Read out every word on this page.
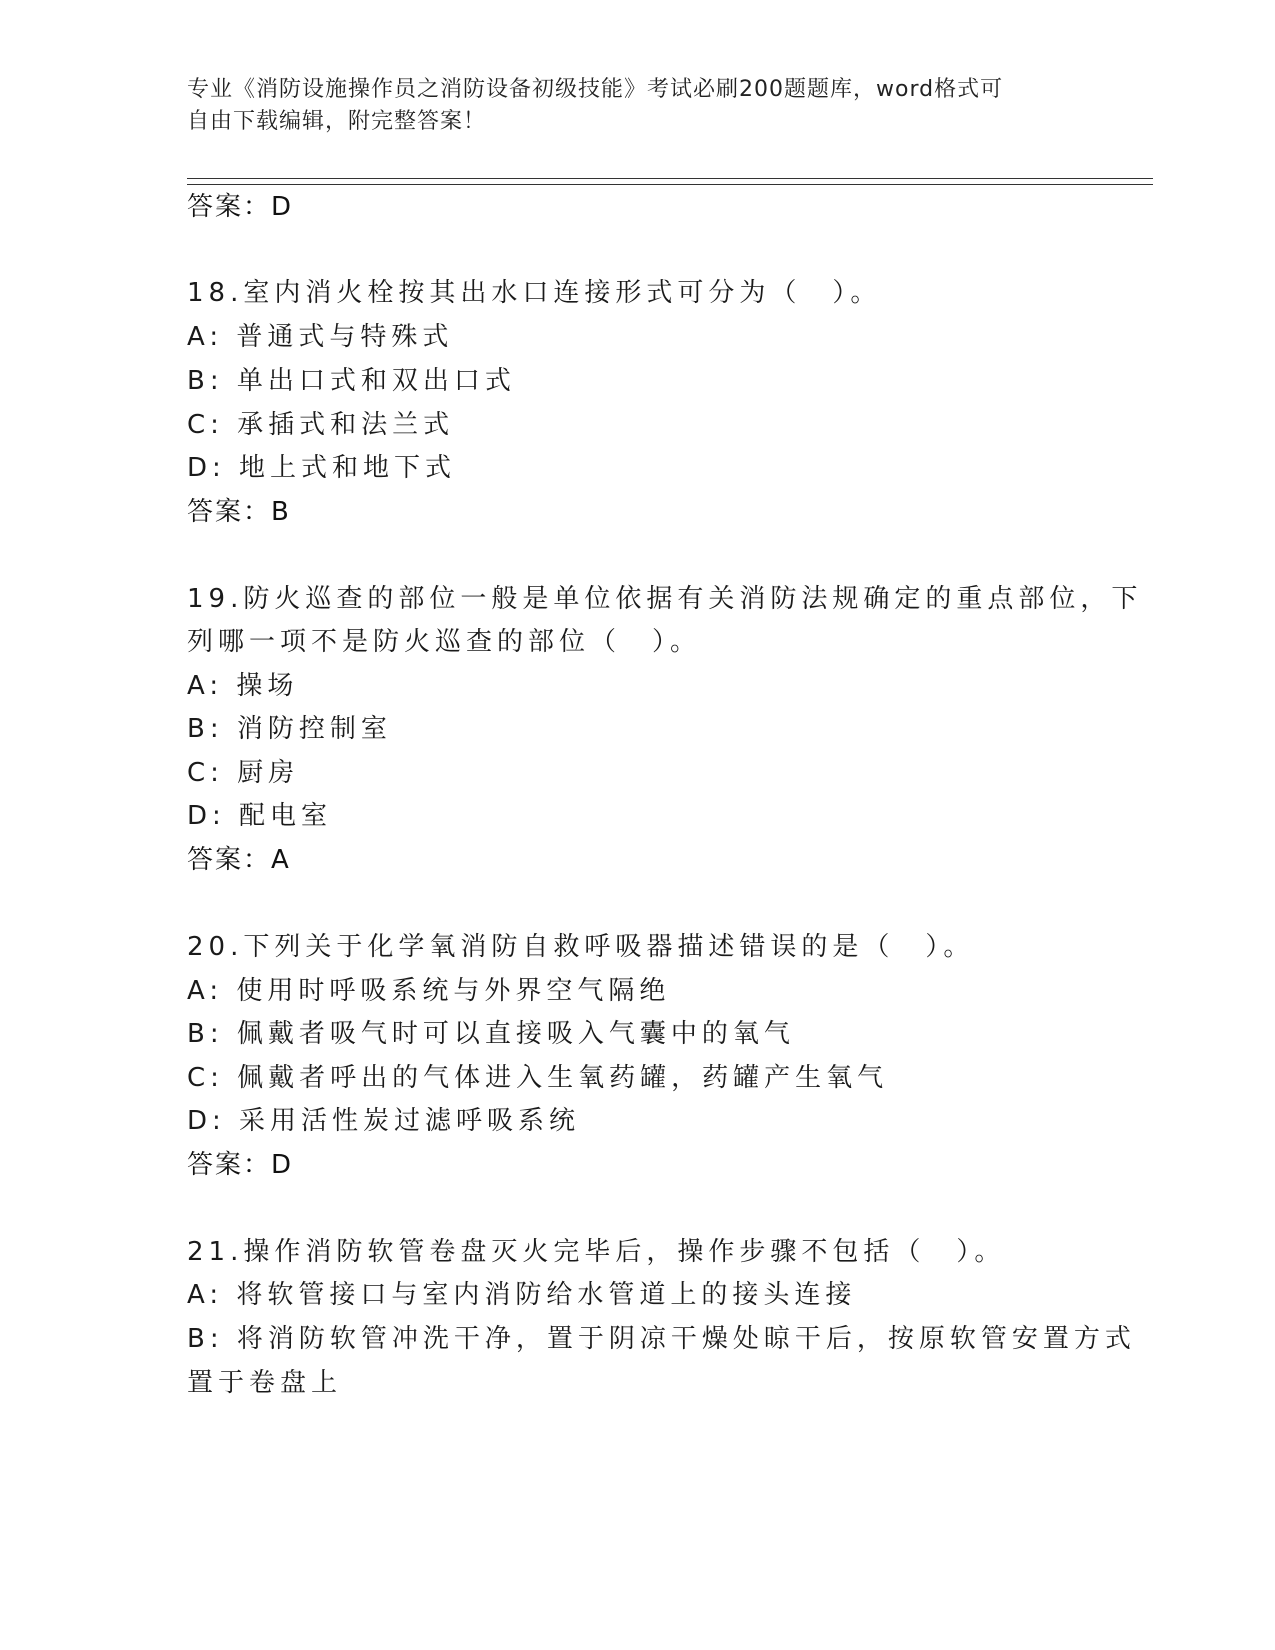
专业《消防设施操作员之消防设备初级技能》考试必刷200题题库，word格式可
自由下载编辑，附完整答案！
答案：D
18.室内消火栓按其出水口连接形式可分为（　）。
A: 普通式与特殊式
B: 单出口式和双出口式
C: 承插式和法兰式
D: 地上式和地下式
答案：B
19.防火巡查的部位一般是单位依据有关消防法规确定的重点部位，下
列哪一项不是防火巡查的部位（　）。
A: 操场
B: 消防控制室
C: 厨房
D: 配电室
答案：A
20.下列关于化学氧消防自救呼吸器描述错误的是（　）。
A: 使用时呼吸系统与外界空气隔绝
B: 佩戴者吸气时可以直接吸入气囊中的氧气
C: 佩戴者呼出的气体进入生氧药罐，药罐产生氧气
D: 采用活性炭过滤呼吸系统
答案：D
21.操作消防软管卷盘灭火完毕后，操作步骤不包括（　）。
A: 将软管接口与室内消防给水管道上的接头连接
B: 将消防软管冲洗干净，置于阴凉干燥处晾干后，按原软管安置方式
置于卷盘上
